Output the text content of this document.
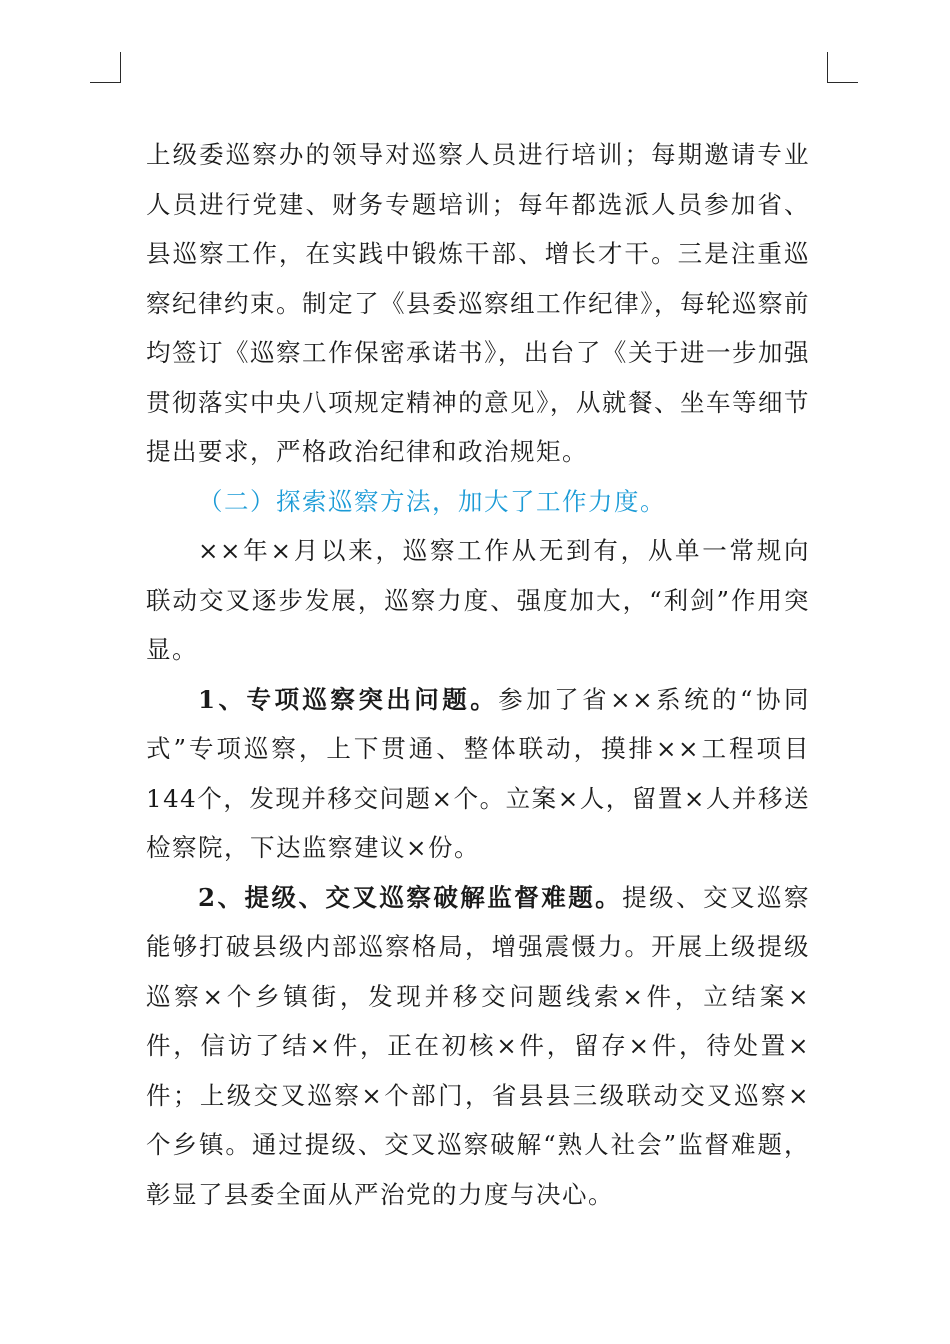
上级委巡察办的领导对巡察人员进行培训；每期邀请专业人员进行党建、财务专题培训；每年都选派人员参加省、县巡察工作，在实践中锻炼干部、增长才干。三是注重巡察纪律约束。制定了《县委巡察组工作纪律》，每轮巡察前均签订《巡察工作保密承诺书》，出台了《关于进一步加强贯彻落实中央八项规定精神的意见》，从就餐、坐车等细节提出要求，严格政治纪律和政治规矩。

（二）探索巡察方法，加大了工作力度。

××年×月以来，巡察工作从无到有，从单一常规向联动交叉逐步发展，巡察力度、强度加大，“利剑”作用突显。

1、专项巡察突出问题。参加了省××系统的“协同式”专项巡察，上下贯通、整体联动，摸排××工程项目144个，发现并移交问题×个。立案×人，留置×人并移送检察院，下达监察建议×份。

2、提级、交叉巡察破解监督难题。提级、交叉巡察能够打破县级内部巡察格局，增强震慑力。开展上级提级巡察×个乡镇街，发现并移交问题线索×件，立结案×件，信访了结×件，正在初核×件，留存×件，待处置×件；上级交叉巡察×个部门，省县县三级联动交叉巡察×个乡镇。通过提级、交叉巡察破解“熟人社会”监督难题，彰显了县委全面从严治党的力度与决心。
